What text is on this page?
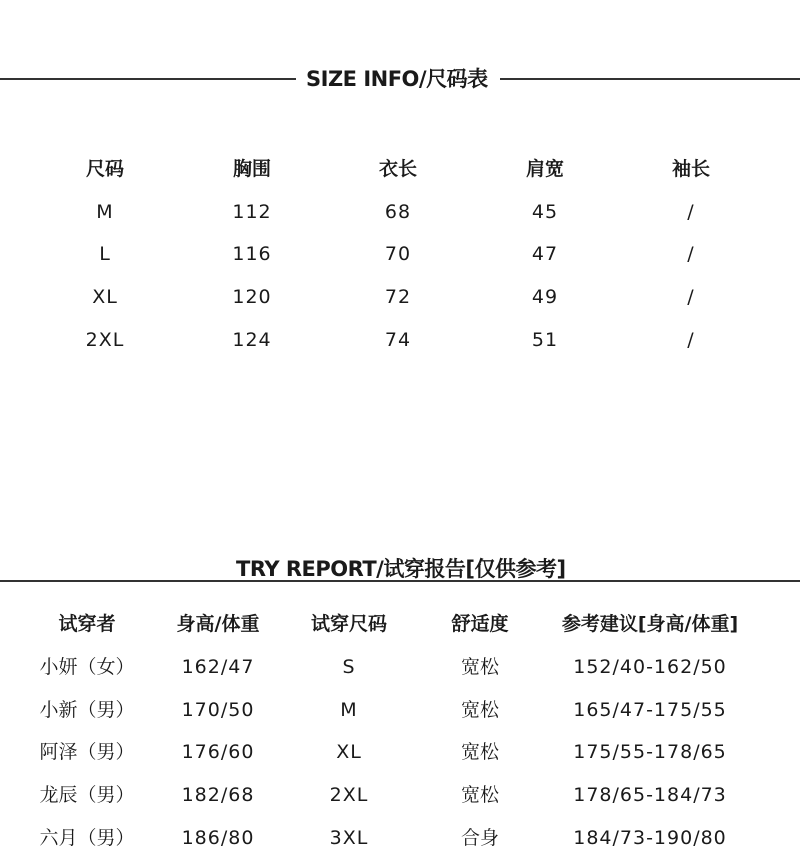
SIZE INFO/尺码表
尺码	胸围	衣长	肩宽	袖长
M	112	68	45	/
L	116	70	47	/
XL	120	72	49	/
2XL	124	74	51	/
TRY REPORT/试穿报告[仅供参考]
试穿者	身高/体重	试穿尺码	舒适度	参考建议[身高/体重]
小妍（女） 162/47	S	宽松	152/40-162/50
小新（男） 170/50	M	宽松	165/47-175/55
阿泽（男） 176/60	XL	宽松	175/55-178/65
龙辰（男） 182/68	2XL	宽松	178/65-184/73
六月（男） 186/80	3XL	合身	184/73-190/80
